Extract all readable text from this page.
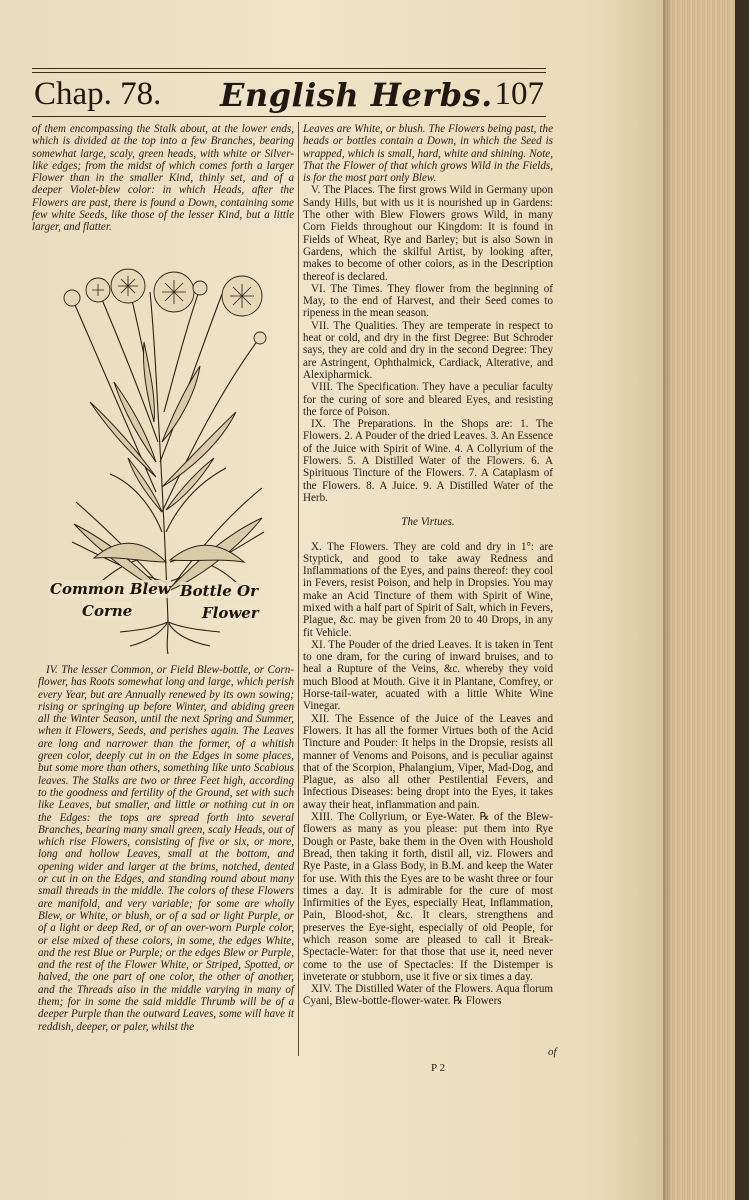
Chap. 78. English Herbs. 107

of them encompassing the Stalk about, at the lower ends, which is divided at the top into a few Branches, bearing somewhat large, scaly, green heads, with white or Silver-like edges; from the midst of which comes forth a larger Flower than in the smaller Kind, thinly set, and of a deeper Violet-blew color: in which Heads, after the Flowers are past, there is found a Down, containing some few white Seeds, like those of the lesser Kind, but a little larger, and flatter.

Common Blew
Corne
Bottle Or
Flower

IV. The lesser Common, or Field Blew-bottle, or Corn-flower, has Roots somewhat long and large, which perish every Year, but are Annually renewed by its own sowing; rising or springing up before Winter, and abiding green all the Winter Season, until the next Spring and Summer, when it Flowers, Seeds, and perishes again. The Leaves are long and narrower than the former, of a whitish green color, deeply cut in on the Edges in some places, but some more than others, something like unto Scabious leaves. The Stalks are two or three Feet high, according to the goodness and fertility of the Ground, set with such like Leaves, but smaller, and little or nothing cut in on the Edges: the tops are spread forth into several Branches, bearing many small green, scaly Heads, out of which rise Flowers, consisting of five or six, or more, long and hollow Leaves, small at the bottom, and opening wider and larger at the brims, notched, dented or cut in on the Edges, and standing round about many small threads in the middle. The colors of these Flowers are manifold, and very variable; for some are wholly Blew, or White, or blush, or of a sad or light Purple, or of a light or deep Red, or of an over-worn Purple color, or else mixed of these colors, in some, the edges White, and the rest Blue or Purple; or the edges Blew or Purple, and the rest of the Flower White, or Striped, Spotted, or halved, the one part of one color, the other of another, and the Threads also in the middle varying in many of them; for in some the said middle Thrumb will be of a deeper Purple than the outward Leaves, some will have it reddish, deeper, or paler, whilst the

Leaves are White, or blush. The Flowers being past, the heads or bottles contain a Down, in which the Seed is wrapped, which is small, hard, white and shining. Note, That the Flower of that which grows Wild in the Fields, is for the most part only Blew.

V. The Places. The first grows Wild in Germany upon Sandy Hills, but with us it is nourished up in Gardens: The other with Blew Flowers grows Wild, in many Corn Fields throughout our Kingdom: It is found in Fields of Wheat, Rye and Barley; but is also Sown in Gardens, which the skilful Artist, by looking after, makes to become of other colors, as in the Description thereof is declared.

VI. The Times. They flower from the beginning of May, to the end of Harvest, and their Seed comes to ripeness in the mean season.

VII. The Qualities. They are temperate in respect to heat or cold, and dry in the first Degree: But Schroder says, they are cold and dry in the second Degree: They are Astringent, Ophthalmick, Cardiack, Alterative, and Alexipharmick.

VIII. The Specification. They have a peculiar faculty for the curing of sore and bleared Eyes, and resisting the force of Poison.

IX. The Preparations. In the Shops are: 1. The Flowers. 2. A Pouder of the dried Leaves. 3. An Essence of the Juice with Spirit of Wine. 4. A Collyrium of the Flowers. 5. A Distilled Water of the Flowers. 6. A Spirituous Tincture of the Flowers. 7. A Cataplasm of the Flowers. 8. A Juice. 9. A Distilled Water of the Herb.

The Virtues.

X. The Flowers. They are cold and dry in 1°: are Styptick, and good to take away Redness and Inflammations of the Eyes, and pains thereof: they cool in Fevers, resist Poison, and help in Dropsies. You may make an Acid Tincture of them with Spirit of Wine, mixed with a half part of Spirit of Salt, which in Fevers, Plague, &c. may be given from 20 to 40 Drops, in any fit Vehicle.

XI. The Pouder of the dried Leaves. It is taken in Tent to one dram, for the curing of inward bruises, and to heal a Rupture of the Veins, &c. whereby they void much Blood at Mouth. Give it in Plantane, Comfrey, or Horse-tail-water, acuated with a little White Wine Vinegar.

XII. The Essence of the Juice of the Leaves and Flowers. It has all the former Virtues both of the Acid Tincture and Pouder: It helps in the Dropsie, resists all manner of Venoms and Poisons, and is peculiar against that of the Scorpion, Phalangium, Viper, Mad-Dog, and Plague, as also all other Pestilential Fevers, and Infectious Diseases: being dropt into the Eyes, it takes away their heat, inflammation and pain.

XIII. The Collyrium, or Eye-Water. ℞ of the Blew-flowers as many as you please: put them into Rye Dough or Paste, bake them in the Oven with Houshold Bread, then taking it forth, distil all, viz. Flowers and Rye Paste, in a Glass Body, in B.M. and keep the Water for use. With this the Eyes are to be washt three or four times a day. It is admirable for the cure of most Infirmities of the Eyes, especially Heat, Inflammation, Pain, Blood-shot, &c. It clears, strengthens and preserves the Eye-sight, especially of old People, for which reason some are pleased to call it Break-Spectacle-Water: for that those that use it, need never come to the use of Spectacles: If the Distemper is inveterate or stubborn, use it five or six times a day.

XIV. The Distilled Water of the Flowers. Aqua florum Cyani, Blew-bottle-flower-water. ℞ Flowers

P 2
of
